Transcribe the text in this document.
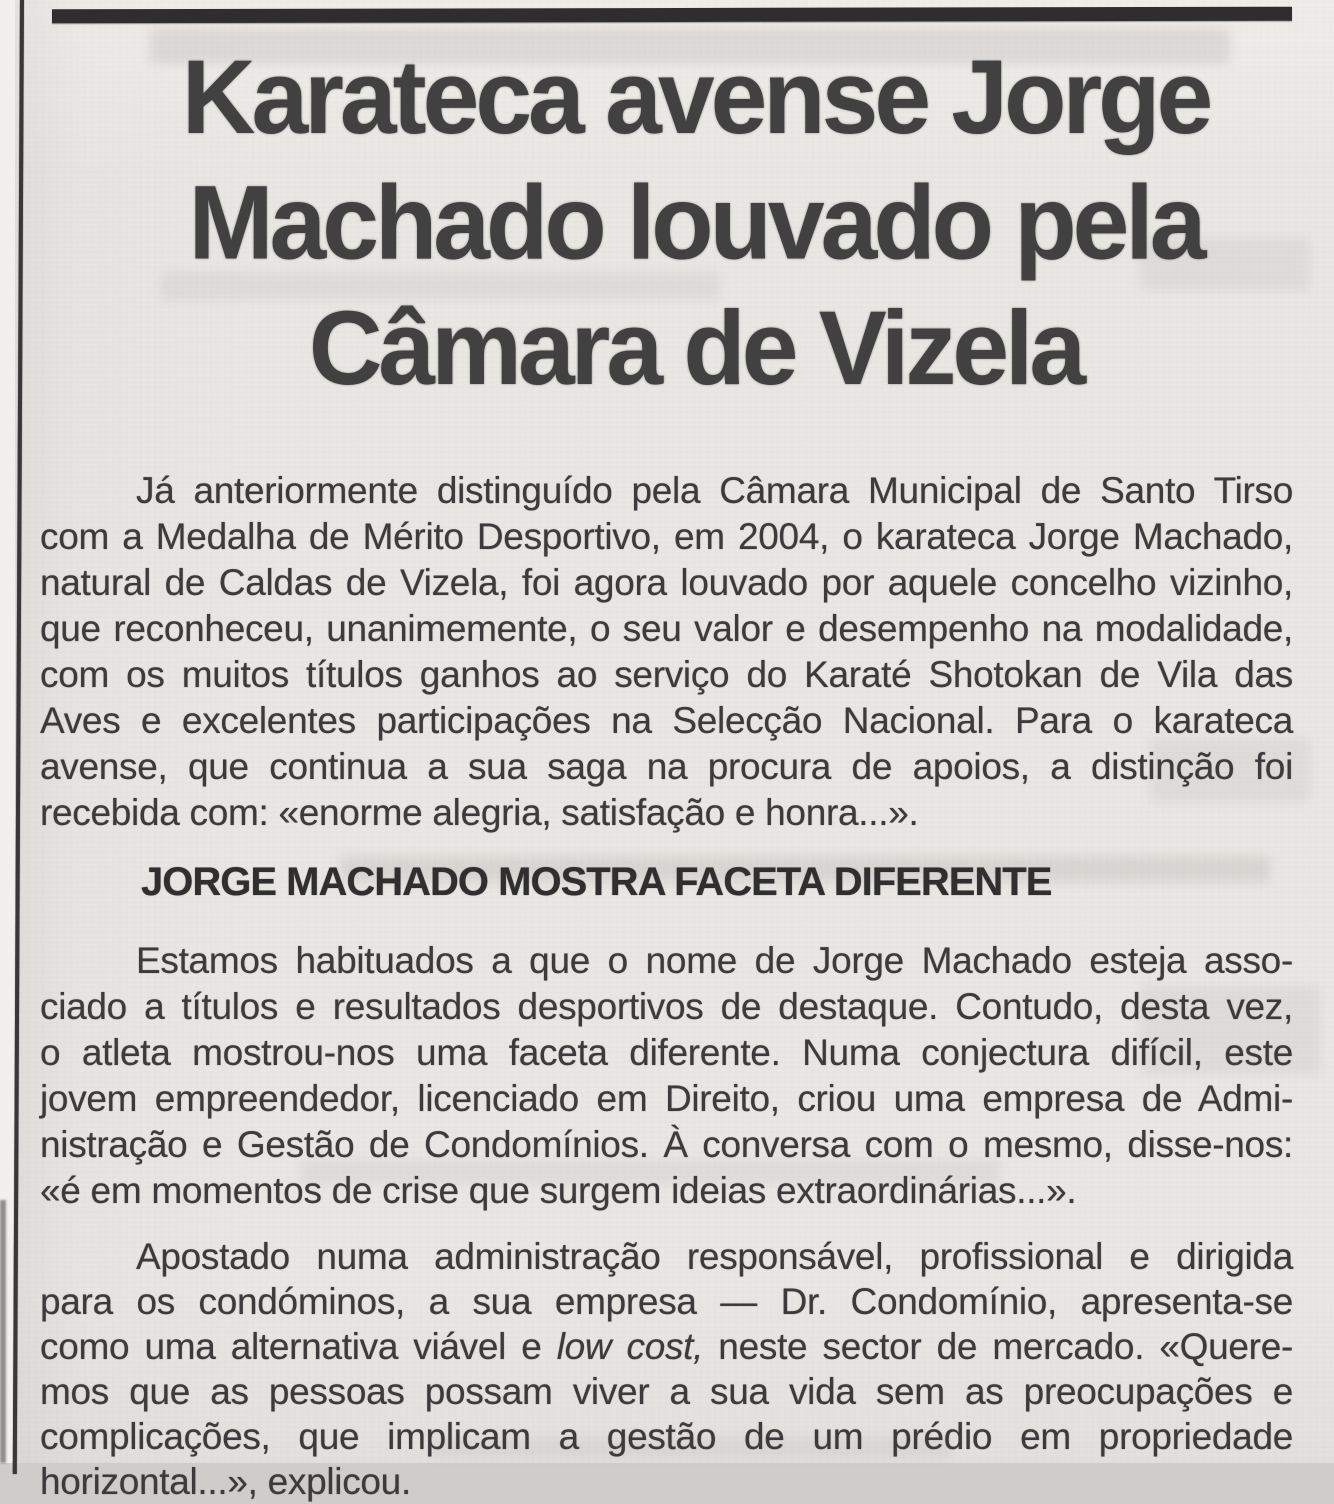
Karateca avense Jorge
Machado louvado pela
Câmara de Vizela
Já anteriormente distinguído pela Câmara Municipal de Santo Tirso
com a Medalha de Mérito Desportivo, em 2004, o karateca Jorge Machado,
natural de Caldas de Vizela, foi agora louvado por aquele concelho vizinho,
que reconheceu, unanimemente, o seu valor e desempenho na modalidade,
com os muitos títulos ganhos ao serviço do Karaté Shotokan de Vila das
Aves e excelentes participações na Selecção Nacional. Para o karateca
avense, que continua a sua saga na procura de apoios, a distinção foi
recebida com: «enorme alegria, satisfação e honra...».
JORGE MACHADO MOSTRA FACETA DIFERENTE
Estamos habituados a que o nome de Jorge Machado esteja asso-
ciado a títulos e resultados desportivos de destaque. Contudo, desta vez,
o atleta mostrou-nos uma faceta diferente. Numa conjectura difícil, este
jovem empreendedor, licenciado em Direito, criou uma empresa de Admi-
nistração e Gestão de Condomínios. À conversa com o mesmo, disse-nos:
«é em momentos de crise que surgem ideias extraordinárias...».
Apostado numa administração responsável, profissional e dirigida
para os condóminos, a sua empresa — Dr. Condomínio, apresenta-se
como uma alternativa viável e low cost, neste sector de mercado. «Quere-
mos que as pessoas possam viver a sua vida sem as preocupações e
complicações, que implicam a gestão de um prédio em propriedade
horizontal...», explicou.
